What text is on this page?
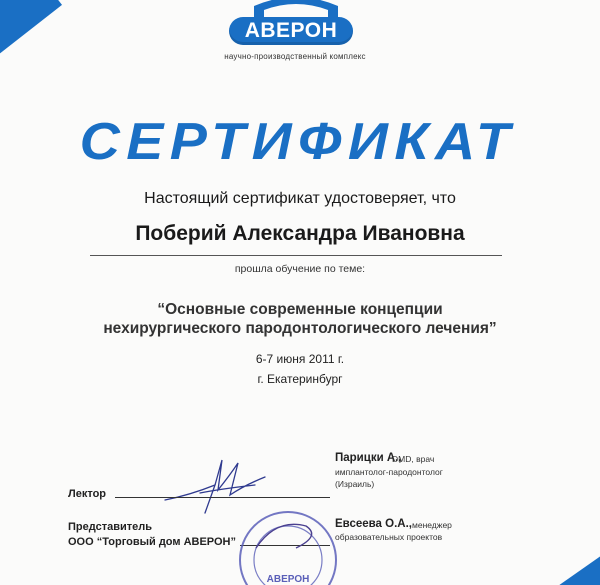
АВЕРОН
научно-производственный комплекс
СЕРТИФИКАТ
Настоящий сертификат удостоверяет, что
Поберий Александра Ивановна
прошла обучение по теме:
“Основные современные концепции
нехирургического пародонтологического лечения”
6-7 июня 2011 г.
г. Екатеринбург
Лектор
Парицки А.,
DMD, врач
имплантолог-пародонтолог
(Израиль)
Представитель
ООО “Торговый дом АВЕРОН”
АВЕРОН
Евсеева О.А., менеджер
образовательных проектов
